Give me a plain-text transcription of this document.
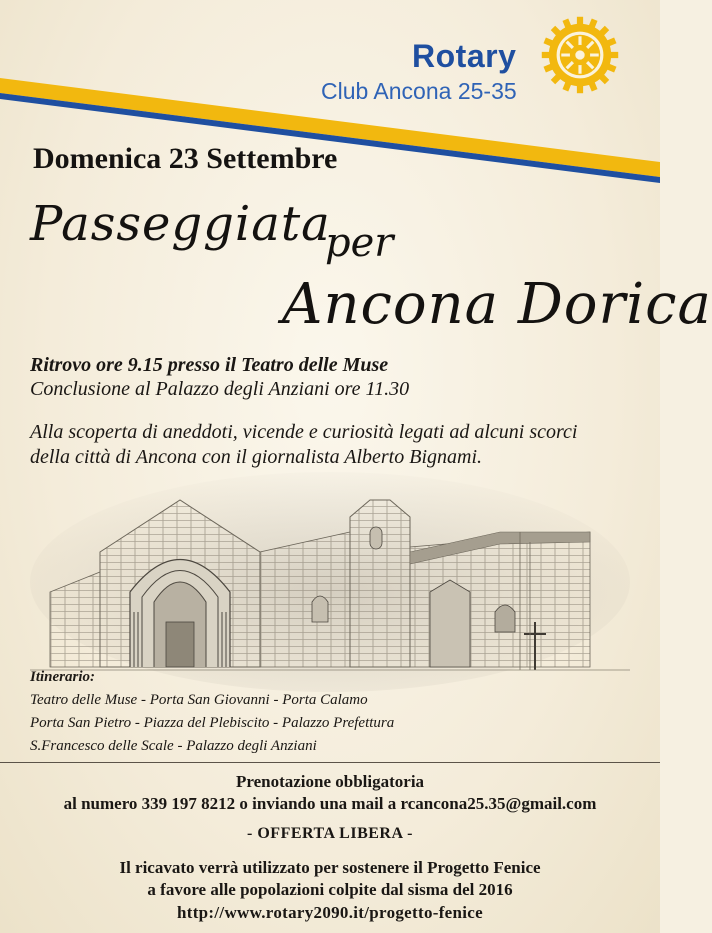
Rotary
Club Ancona 25-35
Domenica 23 Settembre
Passeggiata
per
Ancona Dorica
Ritrovo ore 9.15 presso il Teatro delle Muse
Conclusione al Palazzo degli Anziani ore 11.30
Alla scoperta di aneddoti, vicende e curiosità legati ad alcuni scorci
della città di Ancona con il giornalista Alberto Bignami.
Itinerario:
Teatro delle Muse - Porta San Giovanni - Porta Calamo
Porta San Pietro - Piazza del Plebiscito - Palazzo Prefettura
S.Francesco delle Scale - Palazzo degli Anziani
Prenotazione obbligatoria
al numero 339 197 8212 o inviando una mail a rcancona25.35@gmail.com
- OFFERTA LIBERA -
Il ricavato verrà utilizzato per sostenere il Progetto Fenice
a favore alle popolazioni colpite dal sisma del 2016
http://www.rotary2090.it/progetto-fenice
